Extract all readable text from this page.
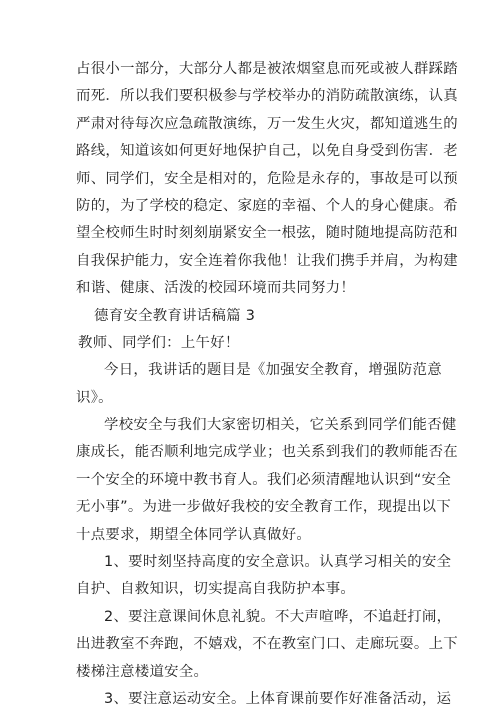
占很小一部分，大部分人都是被浓烟窒息而死或被人群踩踏
而死．所以我们要积极参与学校举办的消防疏散演练，认真
严肃对待每次应急疏散演练，万一发生火灾，都知道逃生的
路线，知道该如何更好地保护自己，以免自身受到伤害．老
师、同学们，安全是相对的，危险是永存的，事故是可以预
防的，为了学校的稳定、家庭的幸福、个人的身心健康。希
望全校师生时时刻刻崩紧安全一根弦，随时随地提高防范和
自我保护能力，安全连着你我他！让我们携手并肩，为构建
和谐、健康、活泼的校园环境而共同努力！
德育安全教育讲话稿篇 3
教师、同学们：上午好！
今日，我讲话的题目是《加强安全教育，增强防范意
识》。
学校安全与我们大家密切相关，它关系到同学们能否健
康成长，能否顺利地完成学业；也关系到我们的教师能否在
一个安全的环境中教书育人。我们必须清醒地认识到“安全
无小事”。为进一步做好我校的安全教育工作，现提出以下
十点要求，期望全体同学认真做好。
1、要时刻坚持高度的安全意识。认真学习相关的安全
自护、自救知识，切实提高自我防护本事。
2、要注意课间休息礼貌。不大声喧哗，不追赶打闹，
出进教室不奔跑，不嬉戏，不在教室门口、走廊玩耍。上下
楼梯注意楼道安全。
3、要注意运动安全。上体育课前要作好准备活动，运
